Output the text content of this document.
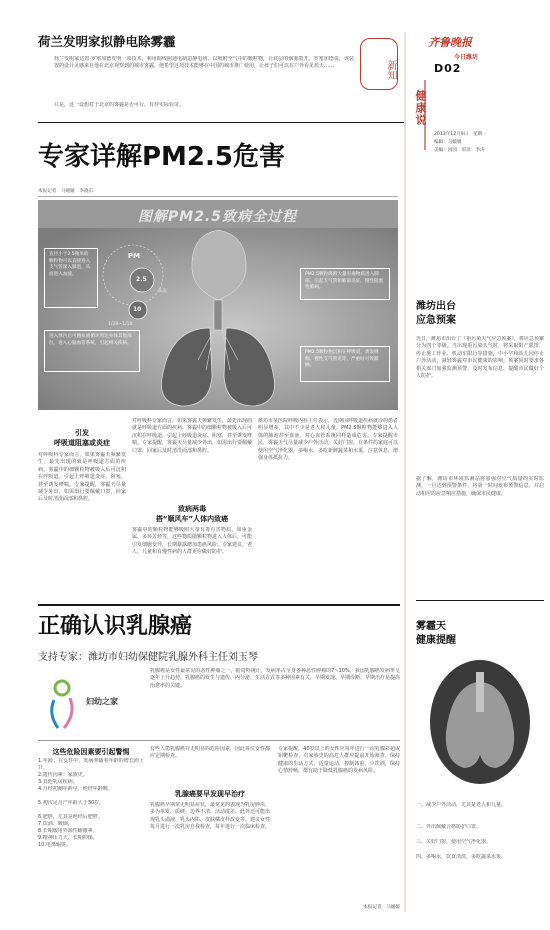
荷兰发明家拟静电除雾霾
荷兰发明家达恩·罗塞加德发明一项技术，利用铜线圈通电制造静电场，以吸附空气中的颗粒物，让底层的烟雾散开。罗塞加德说，该装置的设计灵感来自他在北京观察到的城市雾霾，他希望这项技术能够在中国的城市推广使用，让孩子们可以在户外看见蓝天……
只是，这一设想对于北京的雾霾是否可行，有待实际验证。
新知
齐鲁晚报
今日潍坊
健康说
D02
2013年12月9日　星期一
编辑：马媛媛
美编：园园　审读：李涛
专家详解PM2.5危害
本报记者　马媛媛　李晓东
图解PM2.5致病全过程
PM
2.5
10
头发
1/28~1/10
直径小于2.5微米的颗粒物可以直接进入支气管深入肺泡，从而进入血液。	PM2.5颗粒吸附大量有毒物质进入肺部，引起支气管和肺部炎症，慢性阻塞性肺病。
进入体内后可随血液循环到达身体其他部位，进入心脑血管系统，引起相关疾病。
PM2.5颗粒物沉积在呼吸道，诱发哮喘、慢性支气管炎等，严重时可致肺癌。
引发
呼吸道阻塞或炎症
对呼吸科专家而言，如果雾霾天频繁发生，最先出现的就是呼吸道方面的疾病。雾霾中的细颗粒物被吸入后可沉积在呼吸道，引起上呼吸道炎症、阻塞，甚至诱发哮喘。专家提醒，雾霾天尽量减少外出，如需出行要佩戴口罩，回家后及时清洗面部和鼻腔。
对呼吸科专家而言，如果雾霾天频繁发生，最先出现的就是呼吸道方面的疾病。雾霾中的细颗粒物被吸入后可沉积在呼吸道，引起上呼吸道炎症、阻塞，甚至诱发哮喘。专家提醒，雾霾天尽量减少外出，如需出行要佩戴口罩，回家后及时清洗面部和鼻腔。
致病两毒
搭“顺风车”人体内致癌
雾霾中的颗粒物能够吸附大量有毒有害物质，如重金属、多环芳烃等，这些物质随颗粒物进入人体后，可能引发细胞变异，长期暴露增加患癌风险。专家建议，老人、儿童和有慢性病的人群更应做好防护。
潍坊市某医院呼吸内科主任表示，近期因呼吸道疾病就诊的患者明显增多，其中不少是老人和儿童。PM2.5颗粒物能够进入人体的肺泡甚至血液，对心血管系统同样造成危害。专家提醒市民，雾霾天气尽量减少户外活动，关好门窗，有条件的家庭可以使用空气净化器，多喝水，多吃新鲜蔬菜和水果，注意休息，增强身体抵抗力。
潍坊出台
应急预案
近日，潍坊市出台了《重污染天气应急预案》，将应急预案分为四个等级。当出现重污染天气时，将采取限产限排、停止施工作业、机动车限行等措施，中小学和幼儿园停止户外活动，减轻雾霾对市民健康的影响。预案同时要求各相关部门加强监测预警，及时发布信息，提醒市民做好个人防护。
据了解，潍坊市环境监测站将加强对空气质量的实时监测，一旦达到预警条件，将第一时间发布预警信息，并启动相应的应急响应措施，确保市民健康。
雾霾天
健康提醒
一、减少户外活动，尤其是老人和儿童。
二、外出佩戴合格防护口罩。
三、关好门窗，使用空气净化器。
四、多喝水，饮食清淡，多吃蔬菜水果。
正确认识乳腺癌
支持专家：潍坊市妇幼保健院乳腺外科主任刘玉琴
妇幼之家
乳腺癌是女性最常见的恶性肿瘤之一，据资料统计，发病率占全身各种恶性肿瘤的7~10%，我国乳腺癌发病率呈逐年上升趋势。乳腺癌的发生与遗传、内分泌、生活方式等多种因素有关，早期发现、早期诊断、早期治疗是提高治愈率的关键。
这些危险因素要引起警惕
1.年龄：在女性中，发病率随着年龄的增长而上升。
2.遗传因素：家族史。
3.其他乳房疾病。
4.月经初潮年龄早，绝经年龄晚。
5.初次足月产年龄大于30岁。
6.肥胖，尤其是绝经后肥胖。
7.饮酒、吸烟。
8.长期服用外源性雌激素。
9.精神压力大，长期抑郁。
10.电离辐射。
有些人患乳腺癌并无明显的危险因素，因此每位女性都应定期检查。
乳腺癌要早发现早治疗
乳腺癌早期常无明显症状，最常见的表现为乳房肿块，多为单发、质硬、边界不清、活动度差。此外还可能出现乳头溢液、乳头内陷、皮肤橘皮样改变等。建议女性每月进行一次乳房自我检查，每年进行一次临床检查。
专家提醒，40岁以上的女性应每年进行一次乳腺彩超或钼靶检查，有家族史的高危人群应提前开始筛查。保持健康的生活方式，适量运动，控制体重，少饮酒，保持心情舒畅，都有助于降低乳腺癌的发病风险。
本报记者　马媛媛
